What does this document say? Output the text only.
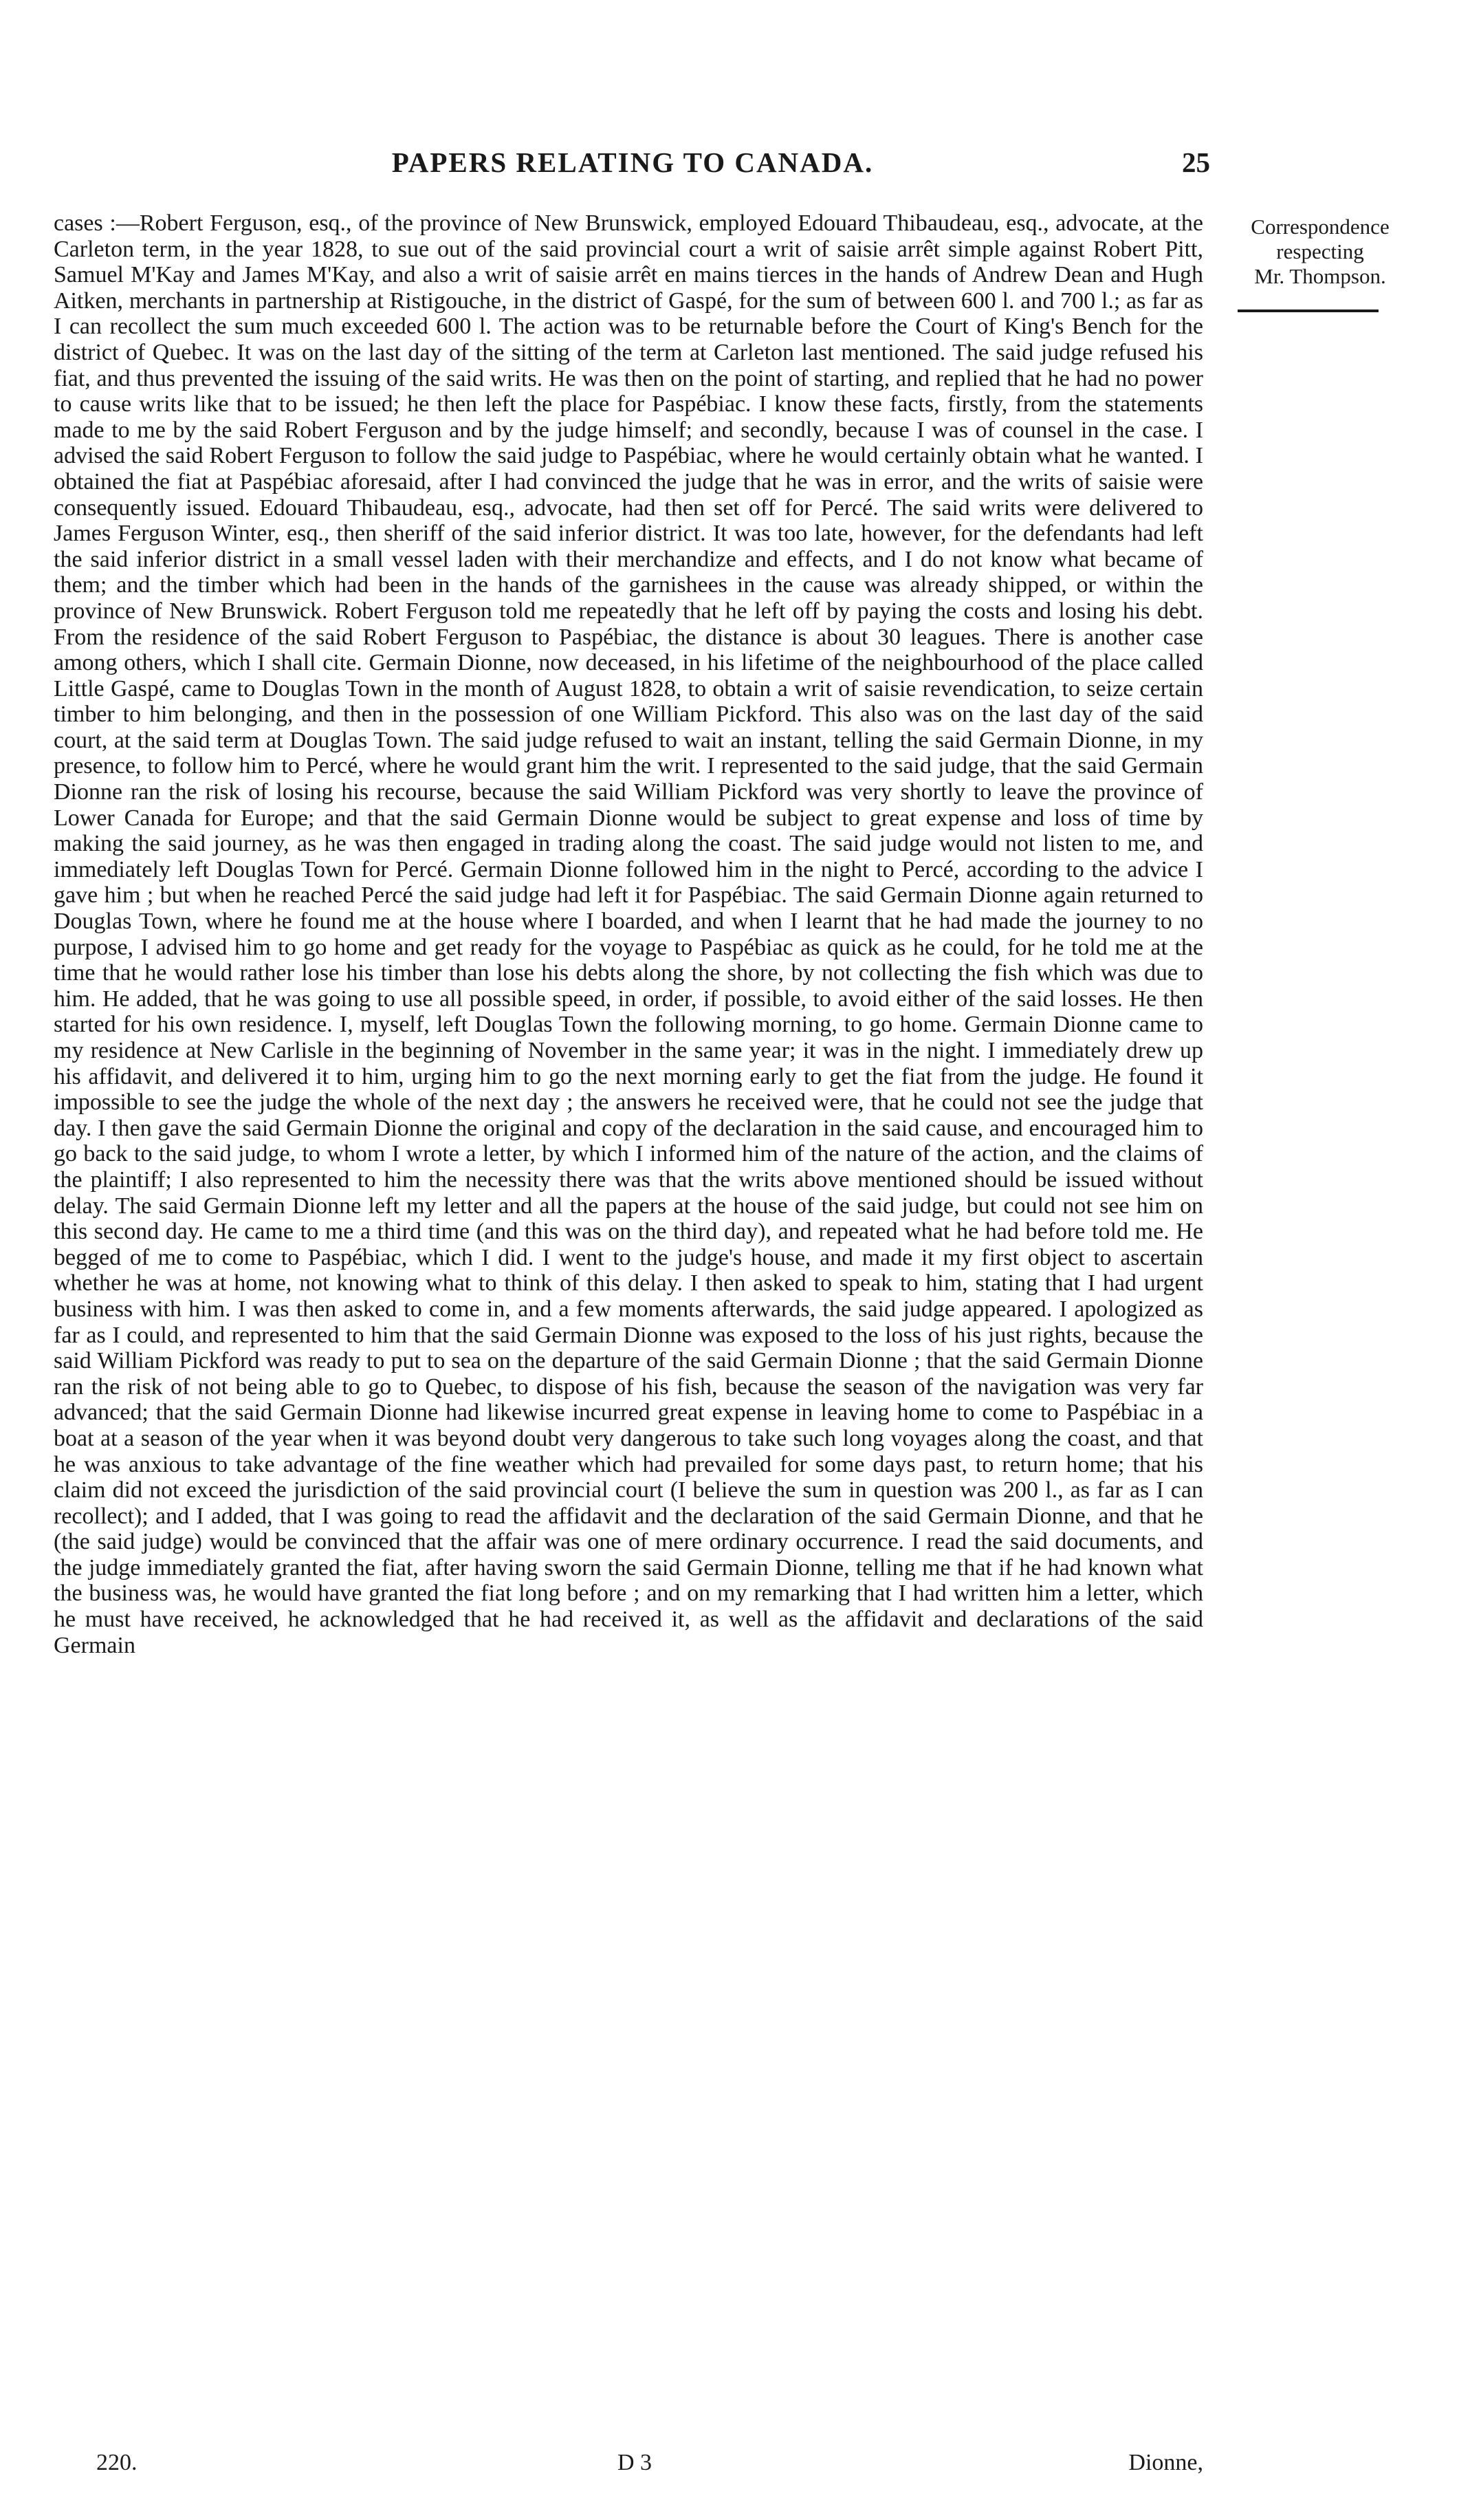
PAPERS RELATING TO CANADA.	25
Correspondence
respecting
Mr. Thompson.

cases :—Robert Ferguson, esq., of the province of New Brunswick, employed Edouard Thibaudeau, esq., advocate, at the Carleton term, in the year 1828, to sue out of the said provincial court a writ of saisie arrêt simple against Robert Pitt, Samuel M'Kay and James M'Kay, and also a writ of saisie arrêt en mains tierces in the hands of Andrew Dean and Hugh Aitken, merchants in partnership at Ristigouche, in the district of Gaspé, for the sum of between 600 l. and 700 l.; as far as I can recollect the sum much exceeded 600 l. The action was to be returnable before the Court of King's Bench for the district of Quebec. It was on the last day of the sitting of the term at Carleton last mentioned. The said judge refused his fiat, and thus prevented the issuing of the said writs. He was then on the point of starting, and replied that he had no power to cause writs like that to be issued; he then left the place for Paspébiac. I know these facts, firstly, from the statements made to me by the said Robert Ferguson and by the judge himself; and secondly, because I was of counsel in the case. I advised the said Robert Ferguson to follow the said judge to Paspébiac, where he would certainly obtain what he wanted. I obtained the fiat at Paspébiac aforesaid, after I had convinced the judge that he was in error, and the writs of saisie were consequently issued. Edouard Thibaudeau, esq., advocate, had then set off for Percé. The said writs were delivered to James Ferguson Winter, esq., then sheriff of the said inferior district. It was too late, however, for the defendants had left the said inferior district in a small vessel laden with their merchandize and effects, and I do not know what became of them; and the timber which had been in the hands of the garnishees in the cause was already shipped, or within the province of New Brunswick. Robert Ferguson told me repeatedly that he left off by paying the costs and losing his debt. From the residence of the said Robert Ferguson to Paspébiac, the distance is about 30 leagues. There is another case among others, which I shall cite. Germain Dionne, now deceased, in his lifetime of the neighbourhood of the place called Little Gaspé, came to Douglas Town in the month of August 1828, to obtain a writ of saisie revendication, to seize certain timber to him belonging, and then in the possession of one William Pickford. This also was on the last day of the said court, at the said term at Douglas Town. The said judge refused to wait an instant, telling the said Germain Dionne, in my presence, to follow him to Percé, where he would grant him the writ. I represented to the said judge, that the said Germain Dionne ran the risk of losing his recourse, because the said William Pickford was very shortly to leave the province of Lower Canada for Europe; and that the said Germain Dionne would be subject to great expense and loss of time by making the said journey, as he was then engaged in trading along the coast. The said judge would not listen to me, and immediately left Douglas Town for Percé. Germain Dionne followed him in the night to Percé, according to the advice I gave him ; but when he reached Percé the said judge had left it for Paspébiac. The said Germain Dionne again returned to Douglas Town, where he found me at the house where I boarded, and when I learnt that he had made the journey to no purpose, I advised him to go home and get ready for the voyage to Paspébiac as quick as he could, for he told me at the time that he would rather lose his timber than lose his debts along the shore, by not collecting the fish which was due to him. He added, that he was going to use all possible speed, in order, if possible, to avoid either of the said losses. He then started for his own residence. I, myself, left Douglas Town the following morning, to go home. Germain Dionne came to my residence at New Carlisle in the beginning of November in the same year; it was in the night. I immediately drew up his affidavit, and delivered it to him, urging him to go the next morning early to get the fiat from the judge. He found it impossible to see the judge the whole of the next day ; the answers he received were, that he could not see the judge that day. I then gave the said Germain Dionne the original and copy of the declaration in the said cause, and encouraged him to go back to the said judge, to whom I wrote a letter, by which I informed him of the nature of the action, and the claims of the plaintiff; I also represented to him the necessity there was that the writs above mentioned should be issued without delay. The said Germain Dionne left my letter and all the papers at the house of the said judge, but could not see him on this second day. He came to me a third time (and this was on the third day), and repeated what he had before told me. He begged of me to come to Paspébiac, which I did. I went to the judge's house, and made it my first object to ascertain whether he was at home, not knowing what to think of this delay. I then asked to speak to him, stating that I had urgent business with him. I was then asked to come in, and a few moments afterwards, the said judge appeared. I apologized as far as I could, and represented to him that the said Germain Dionne was exposed to the loss of his just rights, because the said William Pickford was ready to put to sea on the departure of the said Germain Dionne ; that the said Germain Dionne ran the risk of not being able to go to Quebec, to dispose of his fish, because the season of the navigation was very far advanced; that the said Germain Dionne had likewise incurred great expense in leaving home to come to Paspébiac in a boat at a season of the year when it was beyond doubt very dangerous to take such long voyages along the coast, and that he was anxious to take advantage of the fine weather which had prevailed for some days past, to return home; that his claim did not exceed the jurisdiction of the said provincial court (I believe the sum in question was 200 l., as far as I can recollect); and I added, that I was going to read the affidavit and the declaration of the said Germain Dionne, and that he (the said judge) would be convinced that the affair was one of mere ordinary occurrence. I read the said documents, and the judge immediately granted the fiat, after having sworn the said Germain Dionne, telling me that if he had known what the business was, he would have granted the fiat long before ; and on my remarking that I had written him a letter, which he must have received, he acknowledged that he had received it, as well as the affidavit and declarations of the said Germain

220.	D 3	Dionne,
